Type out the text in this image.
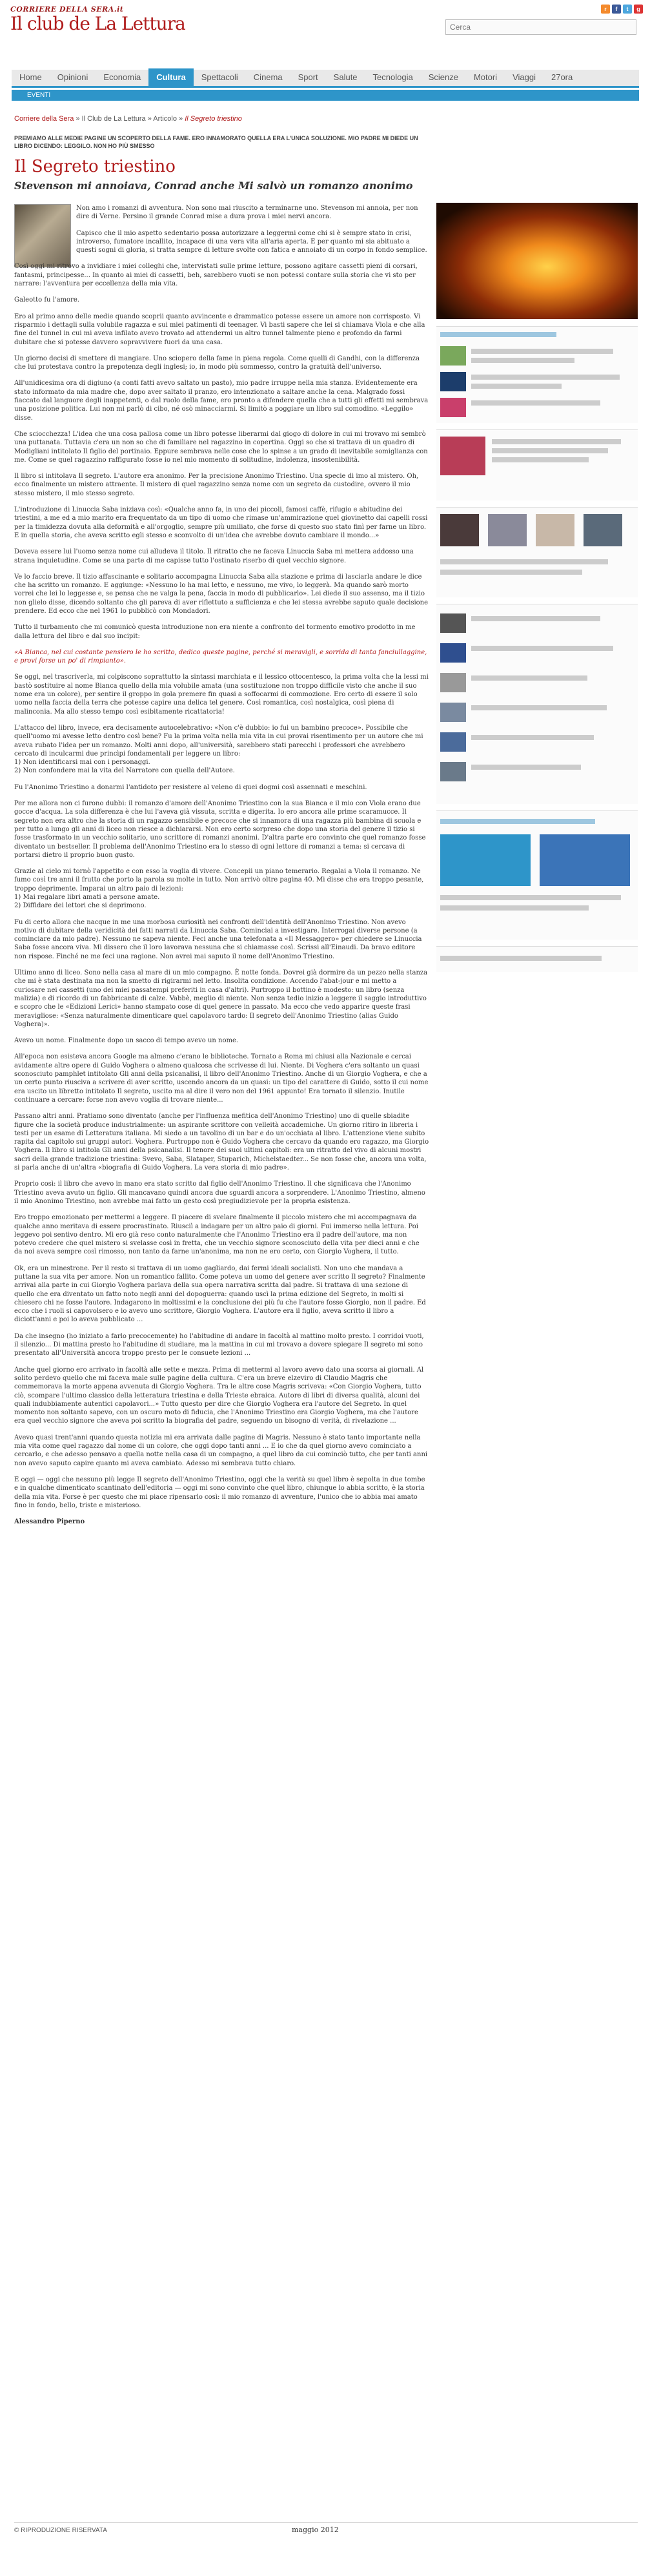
CORRIERE DELLA SERA.it
Il club de La Lettura
r	f	t	g
Cerca
Home	Opinioni	Economia	Cultura	Spettacoli	Cinema	Sport	Salute	Tecnologia	Scienze	Motori	Viaggi	27ora
EVENTI
Corriere della Sera » Il Club de La Lettura » Articolo » Il Segreto triestino
PREMIAMO ALLE MEDIE PAGINE UN SCOPERTO DELLA FAME. ERO INNAMORATO QUELLA ERA L'UNICA SOLUZIONE. MIO PADRE MI DIEDE UN LIBRO DICENDO: LEGGILO. NON HO PIÙ SMESSO
Il Segreto triestino
Stevenson mi annoiava, Conrad anche Mi salvò un romanzo anonimo

Non amo i romanzi di avventura. Non sono mai riuscito a terminarne uno. Stevenson mi annoia, per non dire di Verne. Persino il grande Conrad mise a dura prova i miei nervi ancora.

Capisco che il mio aspetto sedentario possa autorizzare a leggermi come chi si è sempre stato in crisi, introverso, fumatore incallito, incapace di una vera vita all'aria aperta. E per quanto mi sia abituato a questi sogni di gloria, si tratta sempre di letture svolte con fatica e annoiato di un corpo in fondo semplice.

Così oggi mi ritrovo a invidiare i miei colleghi che, intervistati sulle prime letture, possono agitare cassetti pieni di corsari, fantasmi, principesse... In quanto ai miei di cassetti, beh, sarebbero vuoti se non potessi contare sulla storia che vi sto per narrare: l'avventura per eccellenza della mia vita.

Galeotto fu l'amore.

Ero al primo anno delle medie quando scoprii quanto avvincente e drammatico potesse essere un amore non corrisposto. Vi risparmio i dettagli sulla volubile ragazza e sui miei patimenti di teenager. Vi basti sapere che lei si chiamava Viola e che alla fine del tunnel in cui mi aveva infilato avevo trovato ad attendermi un altro tunnel talmente pieno e profondo da farmi dubitare che si potesse davvero sopravvivere fuori da una casa.

Un giorno decisi di smettere di mangiare. Uno sciopero della fame in piena regola. Come quelli di Gandhi, con la differenza che lui protestava contro la prepotenza degli inglesi; io, in modo più sommesso, contro la gratuità dell'universo.

All'unidicesima ora di digiuno (a conti fatti avevo saltato un pasto), mio padre irruppe nella mia stanza. Evidentemente era stato informato da mia madre che, dopo aver saltato il pranzo, ero intenzionato a saltare anche la cena. Malgrado fossi fiaccato dal languore degli inappetenti, o dal ruolo della fame, ero pronto a difendere quella che a tutti gli effetti mi sembrava una posizione politica. Lui non mi parlò di cibo, né osò minacciarmi. Si limitò a poggiare un libro sul comodino. «Leggilo» disse.

Che sciocchezza! L'idea che una cosa pallosa come un libro potesse liberarmi dal giogo di dolore in cui mi trovavo mi sembrò una puttanata. Tuttavia c'era un non so che di familiare nel ragazzino in copertina. Oggi so che si trattava di un quadro di Modigliani intitolato Il figlio del portinaio. Eppure sembrava nelle cose che lo spinse a un grado di inevitabile somiglianza con me. Come se quel ragazzino raffigurato fosse io nel mio momento di solitudine, indolenza, insostenibilità.

Il libro si intitolava Il segreto. L'autore era anonimo. Per la precisione Anonimo Triestino. Una specie di imo al mistero. Oh, ecco finalmente un mistero attraente. Il mistero di quel ragazzino senza nome con un segreto da custodire, ovvero il mio stesso mistero, il mio stesso segreto.

L'introduzione di Linuccia Saba iniziava così: «Qualche anno fa, in uno dei piccoli, famosi caffè, rifugio e abitudine dei triestini, a me ed a mio marito era frequentato da un tipo di uomo che rimase un'ammirazione quel giovinetto dai capelli rossi per la timidezza dovuta alla deformità e all'orgoglio, sempre più umiliato, che forse di questo suo stato finì per farne un libro. E in quella storia, che aveva scritto egli stesso e sconvolto di un'idea che avrebbe dovuto cambiare il mondo...»

Doveva essere lui l'uomo senza nome cui alludeva il titolo. Il ritratto che ne faceva Linuccia Saba mi mettera addosso una strana inquietudine. Come se una parte di me capisse tutto l'ostinato riserbo di quel vecchio signore.

Ve lo faccio breve. Il tizio affascinante e solitario accompagna Linuccia Saba alla stazione e prima di lasciarla andare le dice che ha scritto un romanzo. E aggiunge: «Nessuno lo ha mai letto, e nessuno, me vivo, lo leggerà. Ma quando sarò morto vorrei che lei lo leggesse e, se pensa che ne valga la pena, faccia in modo di pubblicarlo». Lei diede il suo assenso, ma il tizio non glielo disse, dicendo soltanto che gli pareva di aver riflettuto a sufficienza e che lei stessa avrebbe saputo quale decisione prendere. Ed ecco che nel 1961 lo pubblicò con Mondadori.

Tutto il turbamento che mi comunicò questa introduzione non era niente a confronto del tormento emotivo prodotto in me dalla lettura del libro e dal suo incipit:

«A Bianca, nel cui costante pensiero le ho scritto, dedico queste pagine, perché si meravigli, e sorrida di tanta fanciullaggine, e provi forse un po' di rimpianto».

Se oggi, nel trascriverla, mi colpiscono soprattutto la sintassi marchiata e il lessico ottocentesco, la prima volta che la lessi mi bastò sostituire al nome Bianca quello della mia volubile amata (una sostituzione non troppo difficile visto che anche il suo nome era un colore), per sentire il groppo in gola premere fin quasi a soffocarmi di commozione. Ero certo di essere il solo uomo nella faccia della terra che potesse capire una delica tel genere. Così romantica, così nostalgica, così piena di malinconia. Ma allo stesso tempo così esibitamente ricattatoria!

L'attacco del libro, invece, era decisamente autocelebrativo: «Non c'è dubbio: io fui un bambino precoce». Possibile che quell'uomo mi avesse letto dentro così bene? Fu la prima volta nella mia vita in cui provai risentimento per un autore che mi aveva rubato l'idea per un romanzo. Molti anni dopo, all'università, sarebbero stati parecchi i professori che avrebbero cercato di inculcarmi due princìpi fondamentali per leggere un libro:

1) Non identificarsi mai con i personaggi.

2) Non confondere mai la vita del Narratore con quella dell'Autore.

Fu l'Anonimo Triestino a donarmi l'antidoto per resistere al veleno di quei dogmi così assennati e meschini.

Per me allora non ci furono dubbi: il romanzo d'amore dell'Anonimo Triestino con la sua Bianca e il mio con Viola erano due gocce d'acqua. La sola differenza è che lui l'aveva già vissuta, scritta e digerita. Io ero ancora alle prime scaramucce. Il segreto non era altro che la storia di un ragazzo sensibile e precoce che si innamora di una ragazza più bambina di scuola e per tutto a lungo gli anni di liceo non riesce a dichiararsi. Non ero certo sorpreso che dopo una storia del genere il tizio si fosse trasformato in un vecchio solitario, uno scrittore di romanzi anonimi. D'altra parte ero convinto che quel romanzo fosse diventato un bestseller. Il problema dell'Anonimo Triestino era lo stesso di ogni lettore di romanzi a tema: si cercava di portarsi dietro il proprio buon gusto.

Grazie al cielo mi tornò l'appetito e con esso la voglia di vivere. Concepii un piano temerario. Regalai a Viola il romanzo. Ne fumo così tre anni il frutto che porto la parola su molte in tutto. Non arrivò oltre pagina 40. Mi disse che era troppo pesante, troppo deprimente. Imparai un altro paio di lezioni:

1) Mai regalare libri amati a persone amate.

2) Diffidare dei lettori che si deprimono.

Fu di certo allora che nacque in me una morbosa curiosità nei confronti dell'identità dell'Anonimo Triestino. Non avevo motivo di dubitare della veridicità dei fatti narrati da Linuccia Saba. Cominciai a investigare. Interrogai diverse persone (a cominciare da mio padre). Nessuno ne sapeva niente. Feci anche una telefonata a «Il Messaggero» per chiedere se Linuccia Saba fosse ancora viva. Mi dissero che il loro lavorava nessuna che si chiamasse così. Scrissi all'Einaudi. Da bravo editore non rispose. Finché ne me feci una ragione. Non avrei mai saputo il nome dell'Anonimo Triestino.

Ultimo anno di liceo. Sono nella casa al mare di un mio compagno. È notte fonda. Dovrei già dormire da un pezzo nella stanza che mi è stata destinata ma non la smetto di rigirarmi nel letto. Insolita condizione. Accendo l'abat-jour e mi metto a curiosare nei cassetti (uno dei miei passatempi preferiti in casa d'altri). Purtroppo il bottino è modesto: un libro (senza malizia) e di ricordo di un fabbricante di calze. Vabbè, meglio di niente. Non senza tedio inizio a leggere il saggio introduttivo e scopro che le «Edizioni Lerici» hanno stampato cose di quel genere in passato. Ma ecco che vedo apparire queste frasi meravigliose: «Senza naturalmente dimenticare quel capolavoro tardo: Il segreto dell'Anonimo Triestino (alias Guido Voghera)».

Avevo un nome. Finalmente dopo un sacco di tempo avevo un nome.

All'epoca non esisteva ancora Google ma almeno c'erano le biblioteche. Tornato a Roma mi chiusi alla Nazionale e cercai avidamente altre opere di Guido Voghera o almeno qualcosa che scrivesse di lui. Niente. Di Voghera c'era soltanto un quasi sconosciuto pamphlet intitolato Gli anni della psicanalisi, il libro dell'Anonimo Triestino. Anche di un Giorgio Voghera, e che a un certo punto riusciva a scrivere di aver scritto, uscendo ancora da un quasi: un tipo del carattere di Guido, sotto il cui nome era uscito un libretto intitolato Il segreto, uscito ma al dire il vero non del 1961 appunto! Era tornato il silenzio. Inutile continuare a cercare: forse non avevo voglia di trovare niente...

Passano altri anni. Pratiamo sono diventato (anche per l'influenza mefitica dell'Anonimo Triestino) uno di quelle sbiadite figure che la società produce industrialmente: un aspirante scrittore con velleità accademiche. Un giorno ritiro in libreria i testi per un esame di Letteratura italiana. Mi siedo a un tavolino di un bar e do un'occhiata al libro. L'attenzione viene subito rapita dal capitolo sui gruppi autori. Voghera. Purtroppo non è Guido Voghera che cercavo da quando ero ragazzo, ma Giorgio Voghera. Il libro si intitola Gli anni della psicanalisi. Il tenore dei suoi ultimi capitoli: era un ritratto del vivo di alcuni mostri sacri della grande tradizione triestina: Svevo, Saba, Slataper, Stuparich, Michelstaedter... Se non fosse che, ancora una volta, si parla anche di un'altra «biografia di Guido Voghera. La vera storia di mio padre».

Proprio così: il libro che avevo in mano era stato scritto dal figlio dell'Anonimo Triestino. Il che significava che l'Anonimo Triestino aveva avuto un figlio. Gli mancavano quindi ancora due sguardi ancora a sorprendere. L'Anonimo Triestino, almeno il mio Anonimo Triestino, non avrebbe mai fatto un gesto così pregiudizievole per la propria esistenza.

Ero troppo emozionato per mettermi a leggere. Il piacere di svelare finalmente il piccolo mistero che mi accompagnava da qualche anno meritava di essere procrastinato. Riusciì a indagare per un altro paio di giorni. Fui immerso nella lettura. Poi leggevo poi sentivo dentro. Mi ero già reso conto naturalmente che l'Anonimo Triestino era il padre dell'autore, ma non potevo credere che quel mistero si svelasse così in fretta, che un vecchio signore sconosciuto della vita per dieci anni e che da noi aveva sempre così rimosso, non tanto da farne un'anonima, ma non ne ero certo, con Giorgio Voghera, il tutto.

Ok, era un minestrone. Per il resto si trattava di un uomo gagliardo, dai fermi ideali socialisti. Non uno che mandava a puttane la sua vita per amore. Non un romantico fallito. Come poteva un uomo del genere aver scritto Il segreto? Finalmente arrivai alla parte in cui Giorgio Voghera parlava della sua opera narrativa scritta dal padre. Si trattava di una sezione di quello che era diventato un fatto noto negli anni del dopoguerra: quando uscì la prima edizione del Segreto, in molti si chiesero chi ne fosse l'autore. Indagarono in moltissimi e la conclusione dei più fu che l'autore fosse Giorgio, non il padre. Ed ecco che i ruoli si capovolsero e io avevo uno scrittore, Giorgio Voghera. L'autore era il figlio, aveva scritto il libro a diciott'anni e poi lo aveva pubblicato ...

Da che insegno (ho iniziato a farlo precocemente) ho l'abitudine di andare in facoltà al mattino molto presto. I corridoi vuoti, il silenzio... Di mattina presto ho l'abitudine di studiare, ma la mattina in cui mi trovavo a dovere spiegare Il segreto mi sono presentato all'Università ancora troppo presto per le consuete lezioni ...

Anche quel giorno ero arrivato in facoltà alle sette e mezza. Prima di mettermi al lavoro avevo dato una scorsa ai giornali. Al solito perdevo quello che mi faceva male sulle pagine della cultura. C'era un breve elzeviro di Claudio Magris che commemorava la morte appena avvenuta di Giorgio Voghera. Tra le altre cose Magris scriveva: «Con Giorgio Voghera, tutto ciò, scompare l'ultimo classico della letteratura triestina e della Trieste ebraica. Autore di libri di diversa qualità, alcuni dei quali indubbiamente autentici capolavori...» Tutto questo per dire che Giorgio Voghera era l'autore del Segreto. In quel momento non soltanto sapevo, con un oscuro moto di fiducia, che l'Anonimo Triestino era Giorgio Voghera, ma che l'autore era quel vecchio signore che aveva poi scritto la biografia del padre, seguendo un bisogno di verità, di rivelazione ...

Avevo quasi trent'anni quando questa notizia mi era arrivata dalle pagine di Magris. Nessuno è stato tanto importante nella mia vita come quel ragazzo dal nome di un colore, che oggi dopo tanti anni ... E io che da quel giorno avevo cominciato a cercarlo, e che adesso pensavo a quella notte nella casa di un compagno, a quel libro da cui cominciò tutto, che per tanti anni non avevo saputo capire quanto mi aveva cambiato. Adesso mi sembrava tutto chiaro.

E oggi — oggi che nessuno più legge Il segreto dell'Anonimo Triestino, oggi che la verità su quel libro è sepolta in due tombe e in qualche dimenticato scantinato dell'editoria — oggi mi sono convinto che quel libro, chiunque lo abbia scritto, è la storia della mia vita. Forse è per questo che mi piace ripensarlo così: il mio romanzo di avventure, l'unico che io abbia mai amato fino in fondo, bello, triste e misterioso.

Alessandro Piperno

© RIPRODUZIONE RISERVATA	maggio 2012
